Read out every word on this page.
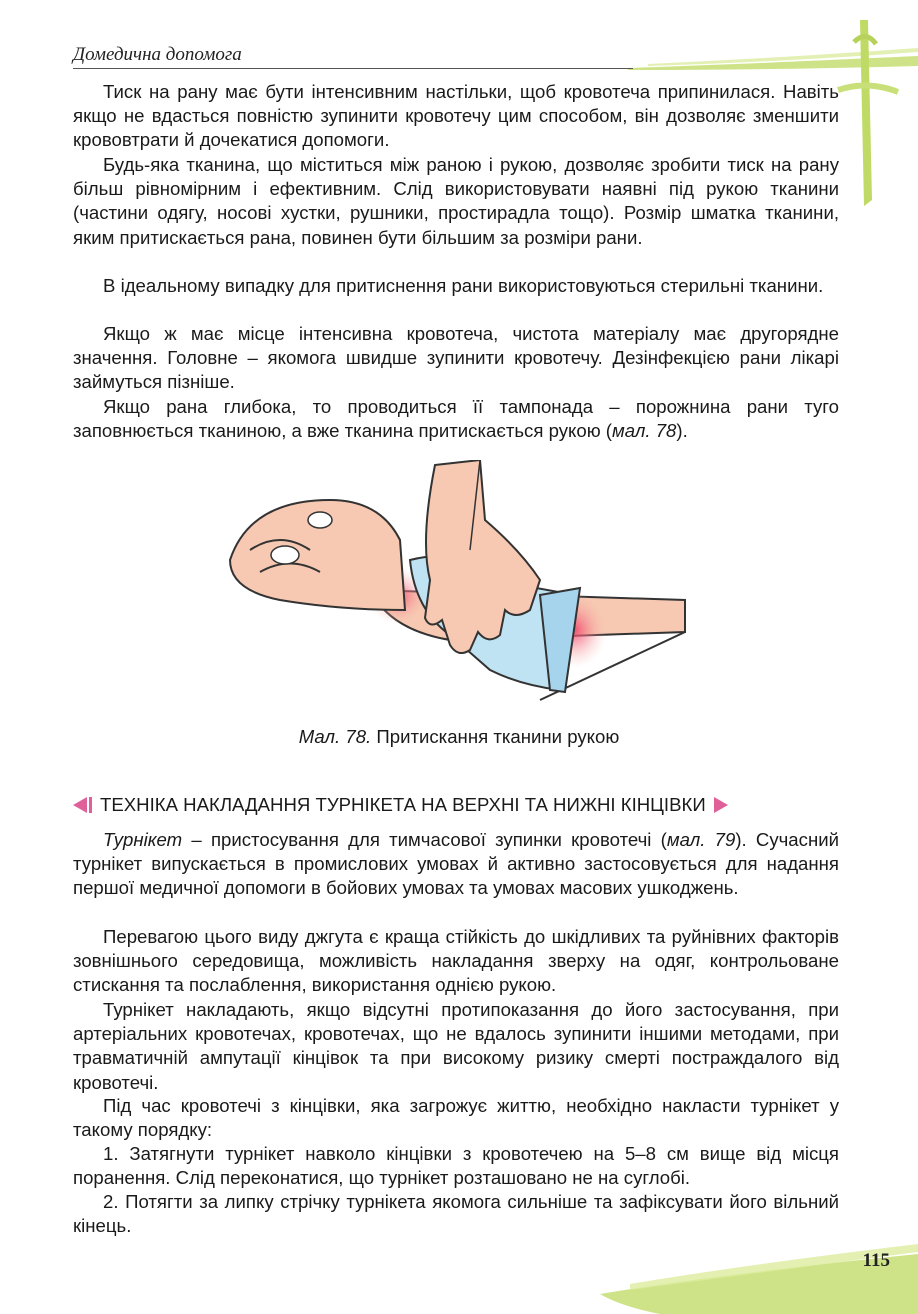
Домедична допомога

Тиск на рану має бути інтенсивним настільки, щоб кровотеча припинилася. Навіть якщо не вдасться повністю зупинити кровотечу цим способом, він дозволяє зменшити крововтрати й дочекатися допомоги.

Будь-яка тканина, що міститься між раною і рукою, дозволяє зробити тиск на рану більш рівномірним і ефективним. Слід використовувати наявні під рукою тканини (частини одягу, носові хустки, рушники, простирадла тощо). Розмір шматка тканини, яким притискається рана, повинен бути більшим за розміри рани.

В ідеальному випадку для притиснення рани використовуються стерильні тканини.

Якщо ж має місце інтенсивна кровотеча, чистота матеріалу має другорядне значення. Головне – якомога швидше зупинити кровотечу. Дезінфекцією рани лікарі займуться пізніше.

Якщо рана глибока, то проводиться її тампонада – порожнина рани туго заповнюється тканиною, а вже тканина притискається рукою (мал. 78).

Мал. 78. Притискання тканини рукою
ТЕХНІКА НАКЛАДАННЯ ТУРНІКЕТА НА ВЕРХНІ ТА НИЖНІ КІНЦІВКИ

Турнікет – пристосування для тимчасової зупинки кровотечі (мал. 79). Сучасний турнікет випускається в промислових умовах й активно застосовується для надання першої медичної допомоги в бойових умовах та умовах масових ушкоджень.

Перевагою цього виду джгута є краща стійкість до шкідливих та руйнівних факторів зовнішнього середовища, можливість накладання зверху на одяг, контрольоване стискання та послаблення, використання однією рукою.

Турнікет накладають, якщо відсутні протипоказання до його застосування, при артеріальних кровотечах, кровотечах, що не вдалось зупинити іншими методами, при травматичній ампутації кінцівок та при високому ризику смерті постраждалого від кровотечі.

Під час кровотечі з кінцівки, яка загрожує життю, необхідно накласти турнікет у такому порядку:

1. Затягнути турнікет навколо кінцівки з кровотечею на 5–8 см вище від місця поранення. Слід переконатися, що турнікет розташовано не на суглобі.

2. Потягти за липку стрічку турнікета якомога сильніше та зафіксувати його вільний кінець.

115
